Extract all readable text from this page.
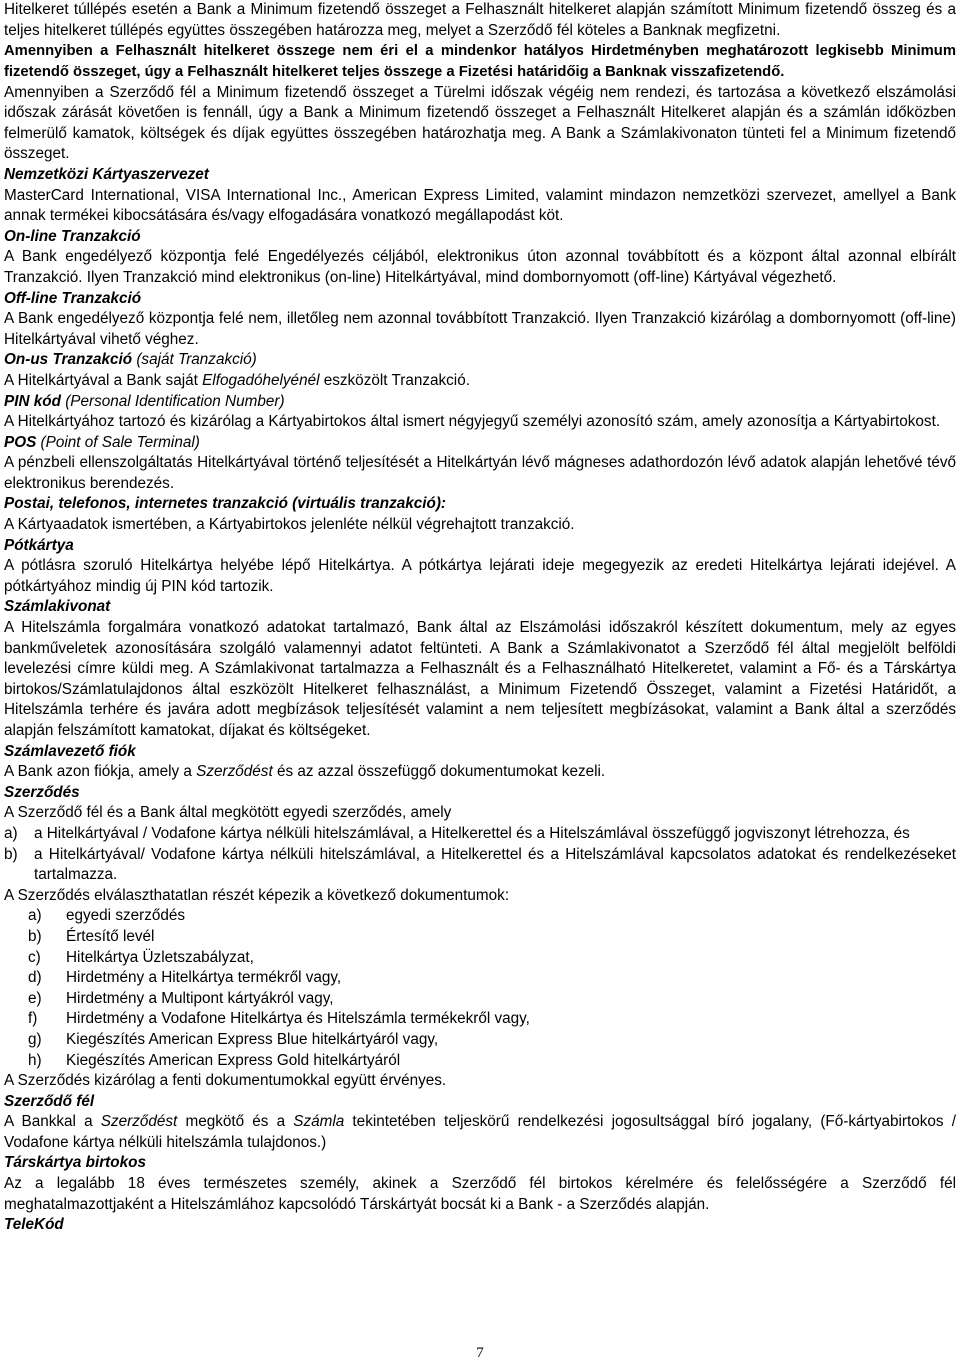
Hitelkeret túllépés esetén a Bank a Minimum fizetendő összeget a Felhasznált hitelkeret alapján számított Minimum fizetendő összeg és a teljes hitelkeret túllépés együttes összegében határozza meg, melyet a Szerződő fél köteles a Banknak megfizetni.

Amennyiben a Felhasznált hitelkeret összege nem éri el a mindenkor hatályos Hirdetményben meghatározott legkisebb Minimum fizetendő összeget, úgy a Felhasznált hitelkeret teljes összege a Fizetési határidőig a Banknak visszafizetendő.

Amennyiben a Szerződő fél a Minimum fizetendő összeget a Türelmi időszak végéig nem rendezi, és tartozása a következő elszámolási időszak zárását követően is fennáll, úgy a Bank a Minimum fizetendő összeget a Felhasznált Hitelkeret alapján és a számlán időközben felmerülő kamatok, költségek és díjak együttes összegében határozhatja meg. A Bank a Számlakivonaton tünteti fel a Minimum fizetendő összeget.

Nemzetközi Kártyaszervezet

MasterCard International, VISA International Inc., American Express Limited, valamint mindazon nemzetközi szervezet, amellyel a Bank annak termékei kibocsátására és/vagy elfogadására vonatkozó megállapodást köt.

On-line Tranzakció

A Bank engedélyező központja felé Engedélyezés céljából, elektronikus úton azonnal továbbított és a központ által azonnal elbírált Tranzakció. Ilyen Tranzakció mind elektronikus (on-line) Hitelkártyával, mind dombornyomott (off-line) Kártyával végezhető.

Off-line Tranzakció

A Bank engedélyező központja felé nem, illetőleg nem azonnal továbbított Tranzakció. Ilyen Tranzakció kizárólag a dombornyomott (off-line) Hitelkártyával vihető véghez.

On-us Tranzakció (saját Tranzakció)

A Hitelkártyával a Bank saját Elfogadóhelyénél eszközölt Tranzakció.

PIN kód (Personal Identification Number)

A Hitelkártyához tartozó és kizárólag a Kártyabirtokos által ismert négyjegyű személyi azonosító szám, amely azonosítja a Kártyabirtokost.

POS (Point of Sale Terminal)

A pénzbeli ellenszolgáltatás Hitelkártyával történő teljesítését a Hitelkártyán lévő mágneses adathordozón lévő adatok alapján lehetővé tévő elektronikus berendezés.

Postai, telefonos, internetes tranzakció (virtuális tranzakció):

A Kártyaadatok ismertében, a Kártyabirtokos jelenléte nélkül végrehajtott tranzakció.

Pótkártya

A pótlásra szoruló Hitelkártya helyébe lépő Hitelkártya. A pótkártya lejárati ideje megegyezik az eredeti Hitelkártya lejárati idejével. A pótkártyához mindig új PIN kód tartozik.

Számlakivonat

A Hitelszámla forgalmára vonatkozó adatokat tartalmazó, Bank által az Elszámolási időszakról készített dokumentum, mely az egyes bankműveletek azonosítására szolgáló valamennyi adatot feltünteti. A Bank a Számlakivonatot a Szerződő fél által megjelölt belföldi levelezési címre küldi meg. A Számlakivonat tartalmazza a Felhasznált és a Felhasználható Hitelkeretet, valamint a Fő- és a Társkártya birtokos/Számlatulajdonos által eszközölt Hitelkeret felhasználást, a Minimum Fizetendő Összeget, valamint a Fizetési Határidőt, a Hitelszámla terhére és javára adott megbízások teljesítését valamint a nem teljesített megbízásokat, valamint a Bank által a szerződés alapján felszámított kamatokat, díjakat és költségeket.

Számlavezető fiók

A Bank azon fiókja, amely a Szerződést és az azzal összefüggő dokumentumokat kezeli.

Szerződés

A Szerződő fél és a Bank által megkötött egyedi szerződés, amely

a) a Hitelkártyával / Vodafone kártya nélküli hitelszámlával, a Hitelkerettel és a Hitelszámlával összefüggő jogviszonyt létrehozza, és
b) a Hitelkártyával/ Vodafone kártya nélküli hitelszámlával, a Hitelkerettel és a Hitelszámlával kapcsolatos adatokat és rendelkezéseket tartalmazza.

A Szerződés elválaszthatatlan részét képezik a következő dokumentumok:

a) egyedi szerződés
b) Értesítő levél
c) Hitelkártya Üzletszabályzat,
d) Hirdetmény a Hitelkártya termékről vagy,
e) Hirdetmény a Multipont kártyákról vagy,
f) Hirdetmény a Vodafone Hitelkártya és Hitelszámla termékekről vagy,
g) Kiegészítés American Express Blue hitelkártyáról vagy,
h) Kiegészítés American Express Gold hitelkártyáról

A Szerződés kizárólag a fenti dokumentumokkal együtt érvényes.

Szerződő fél

A Bankkal a Szerződést megkötő és a Számla tekintetében teljeskörű rendelkezési jogosultsággal bíró jogalany, (Fő-kártyabirtokos / Vodafone kártya nélküli hitelszámla tulajdonos.)

Társkártya birtokos

Az a legalább 18 éves természetes személy, akinek a Szerződő fél birtokos kérelmére és felelősségére a Szerződő fél meghatalmazottjaként a Hitelszámlához kapcsolódó Társkártyát bocsát ki a Bank - a Szerződés alapján.

TeleKód

7
